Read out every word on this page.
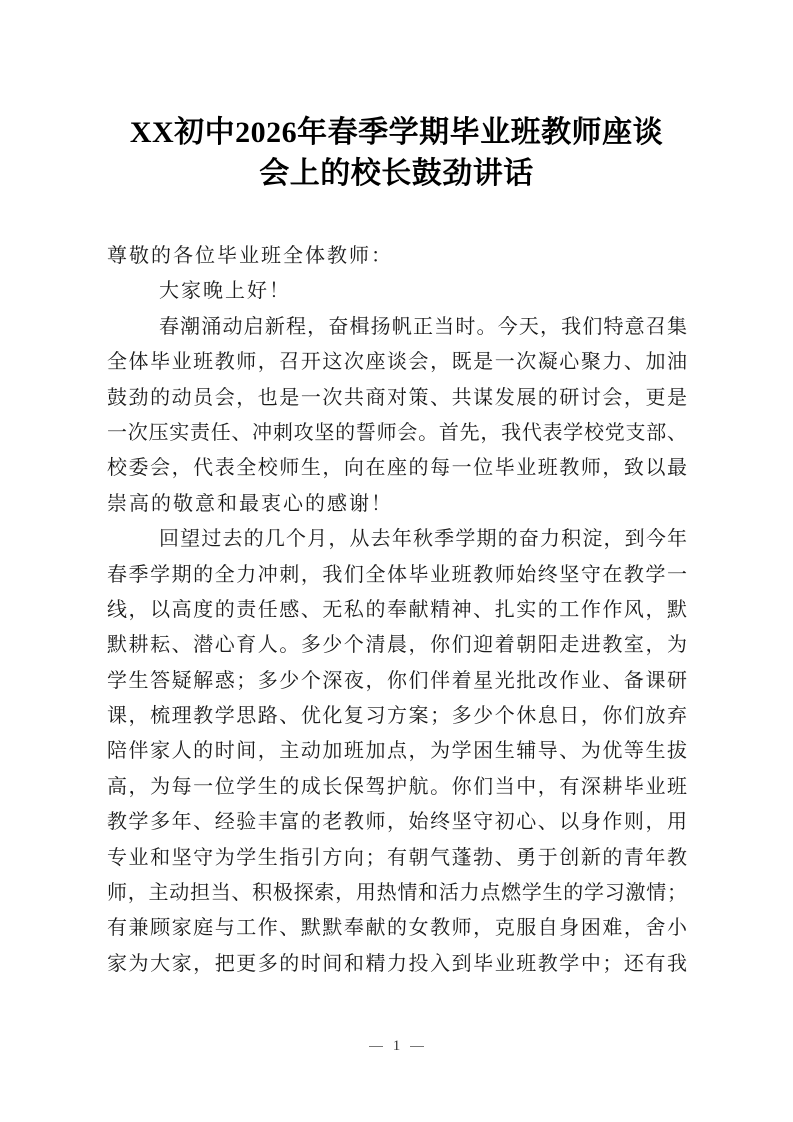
XX初中2026年春季学期毕业班教师座谈
会上的校长鼓劲讲话
尊敬的各位毕业班全体教师：
大家晚上好！
春潮涌动启新程，奋楫扬帆正当时。今天，我们特意召集
全体毕业班教师，召开这次座谈会，既是一次凝心聚力、加油
鼓劲的动员会，也是一次共商对策、共谋发展的研讨会，更是
一次压实责任、冲刺攻坚的誓师会。首先，我代表学校党支部、
校委会，代表全校师生，向在座的每一位毕业班教师，致以最
崇高的敬意和最衷心的感谢！
回望过去的几个月，从去年秋季学期的奋力积淀，到今年
春季学期的全力冲刺，我们全体毕业班教师始终坚守在教学一
线，以高度的责任感、无私的奉献精神、扎实的工作作风，默
默耕耘、潜心育人。多少个清晨，你们迎着朝阳走进教室，为
学生答疑解惑；多少个深夜，你们伴着星光批改作业、备课研
课，梳理教学思路、优化复习方案；多少个休息日，你们放弃
陪伴家人的时间，主动加班加点，为学困生辅导、为优等生拔
高，为每一位学生的成长保驾护航。你们当中，有深耕毕业班
教学多年、经验丰富的老教师，始终坚守初心、以身作则，用
专业和坚守为学生指引方向；有朝气蓬勃、勇于创新的青年教
师，主动担当、积极探索，用热情和活力点燃学生的学习激情；
有兼顾家庭与工作、默默奉献的女教师，克服自身困难，舍小
家为大家，把更多的时间和精力投入到毕业班教学中；还有我
1
